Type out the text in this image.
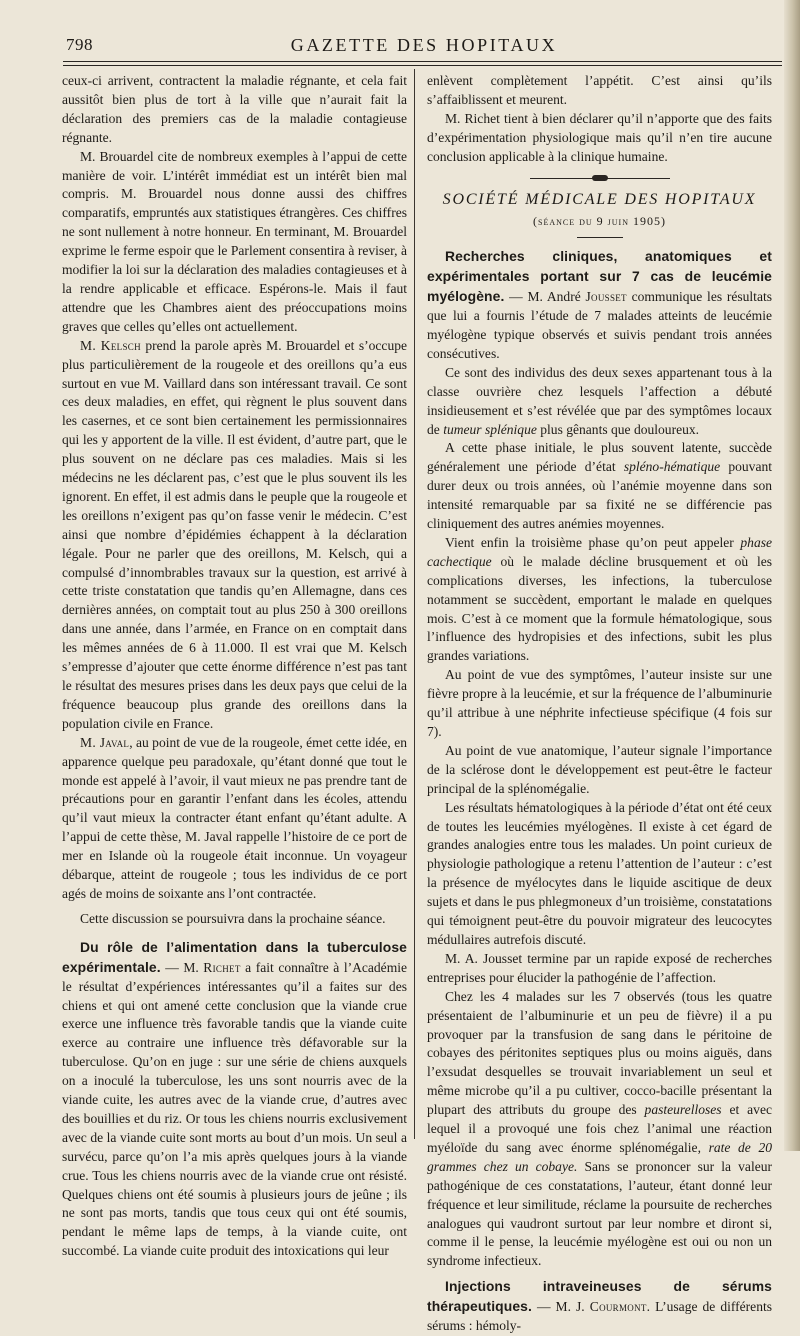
798	GAZETTE DES HOPITAUX

ceux-ci arrivent, contractent la maladie régnante, et cela fait aussitôt bien plus de tort à la ville que n’aurait fait la déclaration des premiers cas de la maladie contagieuse régnante.

M. Brouardel cite de nombreux exemples à l’appui de cette manière de voir. L’intérêt immédiat est un intérêt bien mal compris. M. Brouardel nous donne aussi des chiffres comparatifs, empruntés aux statistiques étrangères. Ces chiffres ne sont nullement à notre honneur. En terminant, M. Brouardel exprime le ferme espoir que le Parlement consentira à reviser, à modifier la loi sur la déclaration des maladies contagieuses et à la rendre applicable et efficace. Espérons-le. Mais il faut attendre que les Chambres aient des préoccupations moins graves que celles qu’elles ont actuellement.

M. Kelsch prend la parole après M. Brouardel et s’occupe plus particulièrement de la rougeole et des oreillons qu’a eus surtout en vue M. Vaillard dans son intéressant travail. Ce sont ces deux maladies, en effet, qui règnent le plus souvent dans les casernes, et ce sont bien certainement les permissionnaires qui les y apportent de la ville. Il est évident, d’autre part, que le plus souvent on ne déclare pas ces maladies. Mais si les médecins ne les déclarent pas, c’est que le plus souvent ils les ignorent. En effet, il est admis dans le peuple que la rougeole et les oreillons n’exigent pas qu’on fasse venir le médecin. C’est ainsi que nombre d’épidémies échappent à la déclaration légale. Pour ne parler que des oreillons, M. Kelsch, qui a compulsé d’innombrables travaux sur la question, est arrivé à cette triste constatation que tandis qu’en Allemagne, dans ces dernières années, on comptait tout au plus 250 à 300 oreillons dans une année, dans l’armée, en France on en comptait dans les mêmes années de 6 à 11.000. Il est vrai que M. Kelsch s’empresse d’ajouter que cette énorme différence n’est pas tant le résultat des mesures prises dans les deux pays que celui de la fréquence beaucoup plus grande des oreillons dans la population civile en France.

M. Javal, au point de vue de la rougeole, émet cette idée, en apparence quelque peu paradoxale, qu’étant donné que tout le monde est appelé à l’avoir, il vaut mieux ne pas prendre tant de précautions pour en garantir l’enfant dans les écoles, attendu qu’il vaut mieux la contracter étant enfant qu’étant adulte. A l’appui de cette thèse, M. Javal rappelle l’histoire de ce port de mer en Islande où la rougeole était inconnue. Un voyageur débarque, atteint de rougeole ; tous les individus de ce port agés de moins de soixante ans l’ont contractée.

Cette discussion se poursuivra dans la prochaine séance.

Du rôle de l’alimentation dans la tuberculose expérimentale. — M. Richet a fait connaître à l’Académie le résultat d’expériences intéressantes qu’il a faites sur des chiens et qui ont amené cette conclusion que la viande crue exerce une influence très favorable tandis que la viande cuite exerce au contraire une influence très défavorable sur la tuberculose. Qu’on en juge : sur une série de chiens auxquels on a inoculé la tuberculose, les uns sont nourris avec de la viande cuite, les autres avec de la viande crue, d’autres avec des bouillies et du riz. Or tous les chiens nourris exclusivement avec de la viande cuite sont morts au bout d’un mois. Un seul a survécu, parce qu’on l’a mis après quelques jours à la viande crue. Tous les chiens nourris avec de la viande crue ont résisté. Quelques chiens ont été soumis à plusieurs jours de jeûne ; ils ne sont pas morts, tandis que tous ceux qui ont été soumis, pendant le même laps de temps, à la viande cuite, ont succombé. La viande cuite produit des intoxications qui leur

enlèvent complètement l’appétit. C’est ainsi qu’ils s’affaiblissent et meurent.

M. Richet tient à bien déclarer qu’il n’apporte que des faits d’expérimentation physiologique mais qu’il n’en tire aucune conclusion applicable à la clinique humaine.

SOCIÉTÉ MÉDICALE DES HOPITAUX
(séance du 9 juin 1905)

Recherches cliniques, anatomiques et expérimentales portant sur 7 cas de leucémie myélogène. — M. André Jousset communique les résultats que lui a fournis l’étude de 7 malades atteints de leucémie myélogène typique observés et suivis pendant trois années consécutives.

Ce sont des individus des deux sexes appartenant tous à la classe ouvrière chez lesquels l’affection a débuté insidieusement et s’est révélée que par des symptômes locaux de tumeur splénique plus gênants que douloureux.

A cette phase initiale, le plus souvent latente, succède généralement une période d’état spléno-hématique pouvant durer deux ou trois années, où l’anémie moyenne dans son intensité remarquable par sa fixité ne se différencie pas cliniquement des autres anémies moyennes.

Vient enfin la troisième phase qu’on peut appeler phase cachectique où le malade décline brusquement et où les complications diverses, les infections, la tuberculose notamment se succèdent, emportant le malade en quelques mois. C’est à ce moment que la formule hématologique, sous l’influence des hydropisies et des infections, subit les plus grandes variations.

Au point de vue des symptômes, l’auteur insiste sur une fièvre propre à la leucémie, et sur la fréquence de l’albuminurie qu’il attribue à une néphrite infectieuse spécifique (4 fois sur 7).

Au point de vue anatomique, l’auteur signale l’importance de la sclérose dont le développement est peut-être le facteur principal de la splénomégalie.

Les résultats hématologiques à la période d’état ont été ceux de toutes les leucémies myélogènes. Il existe à cet égard de grandes analogies entre tous les malades. Un point curieux de physiologie pathologique a retenu l’attention de l’auteur : c’est la présence de myélocytes dans le liquide ascitique de deux sujets et dans le pus phlegmoneux d’un troisième, constatations qui témoignent peut-être du pouvoir migrateur des leucocytes médullaires autrefois discuté.

M. A. Jousset termine par un rapide exposé de recherches entreprises pour élucider la pathogénie de l’affection.

Chez les 4 malades sur les 7 observés (tous les quatre présentaient de l’albuminurie et un peu de fièvre) il a pu provoquer par la transfusion de sang dans le péritoine de cobayes des péritonites septiques plus ou moins aiguës, dans l’exsudat desquelles se trouvait invariablement un seul et même microbe qu’il a pu cultiver, cocco-bacille présentant la plupart des attributs du groupe des pasteurelloses et avec lequel il a provoqué une fois chez l’animal une réaction myéloïde du sang avec énorme splénomégalie, rate de 20 grammes chez un cobaye. Sans se prononcer sur la valeur pathogénique de ces constatations, l’auteur, étant donné leur fréquence et leur similitude, réclame la poursuite de recherches analogues qui vaudront surtout par leur nombre et diront si, comme il le pense, la leucémie myélogène est oui ou non un syndrome infectieux.

Injections intraveineuses de sérums thérapeutiques. — M. J. Courmont. L’usage de différents sérums : hémoly-
